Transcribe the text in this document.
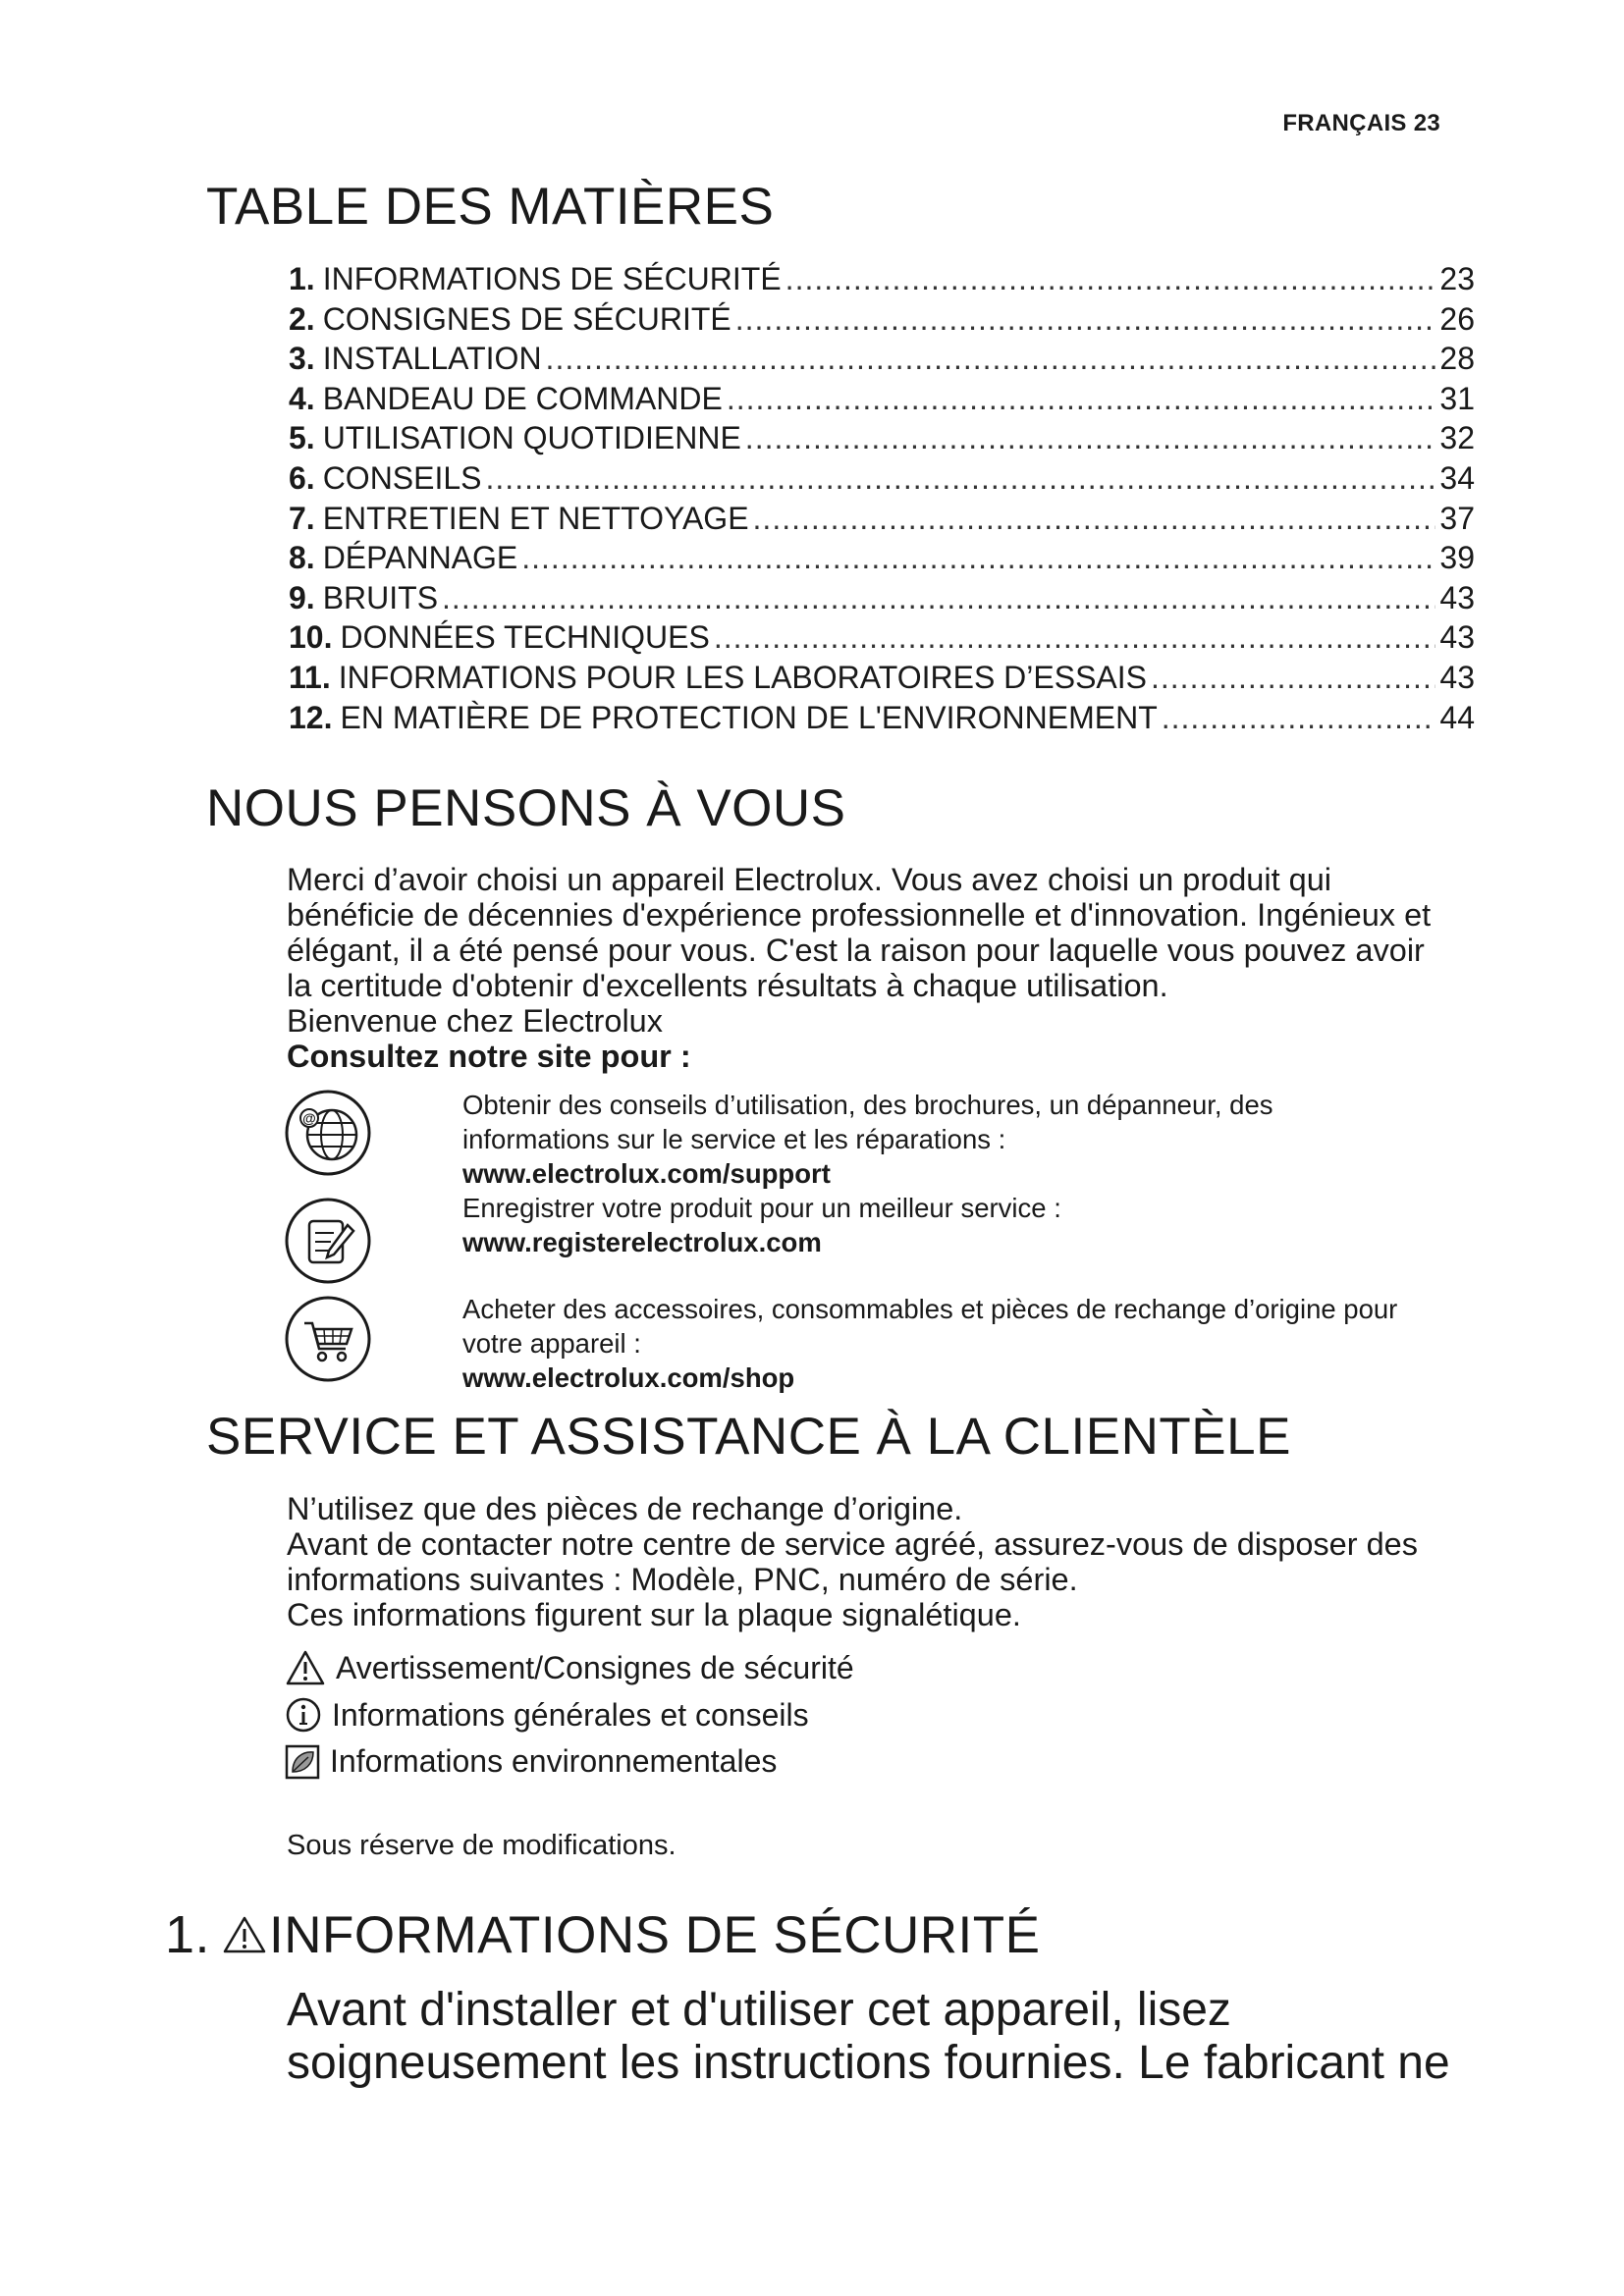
FRANÇAIS 23
TABLE DES MATIÈRES
1. INFORMATIONS DE SÉCURITÉ .....	23
2. CONSIGNES DE SÉCURITÉ .....	26
3. INSTALLATION .....	28
4. BANDEAU DE COMMANDE .....	31
5. UTILISATION QUOTIDIENNE .....	32
6. CONSEILS .....	34
7. ENTRETIEN ET NETTOYAGE .....	37
8. DÉPANNAGE .....	39
9. BRUITS .....	43
10. DONNÉES TECHNIQUES .....	43
11. INFORMATIONS POUR LES LABORATOIRES D’ESSAIS .....	43
12. EN MATIÈRE DE PROTECTION DE L'ENVIRONNEMENT .....	44
NOUS PENSONS À VOUS

Merci d’avoir choisi un appareil Electrolux. Vous avez choisi un produit qui

bénéficie de décennies d'expérience professionnelle et d'innovation. Ingénieux et

élégant, il a été pensé pour vous. C'est la raison pour laquelle vous pouvez avoir

la certitude d'obtenir d'excellents résultats à chaque utilisation.

Bienvenue chez Electrolux

Consultez notre site pour :

@	Obtenir des conseils d’utilisation, des brochures, un dépanneur, des

informations sur le service et les réparations :

www.electrolux.com/support

Enregistrer votre produit pour un meilleur service :

www.registerelectrolux.com

Acheter des accessoires, consommables et pièces de rechange d’origine pour

votre appareil :

www.electrolux.com/shop

SERVICE ET ASSISTANCE À LA CLIENTÈLE

N’utilisez que des pièces de rechange d’origine.

Avant de contacter notre centre de service agréé, assurez-vous de disposer des

informations suivantes : Modèle, PNC, numéro de série.

Ces informations figurent sur la plaque signalétique.

Avertissement/Consignes de sécurité
Informations générales et conseils
Informations environnementales
Sous réserve de modifications.
1. INFORMATIONS DE SÉCURITÉ

Avant d'installer et d'utiliser cet appareil, lisez

soigneusement les instructions fournies. Le fabricant ne
